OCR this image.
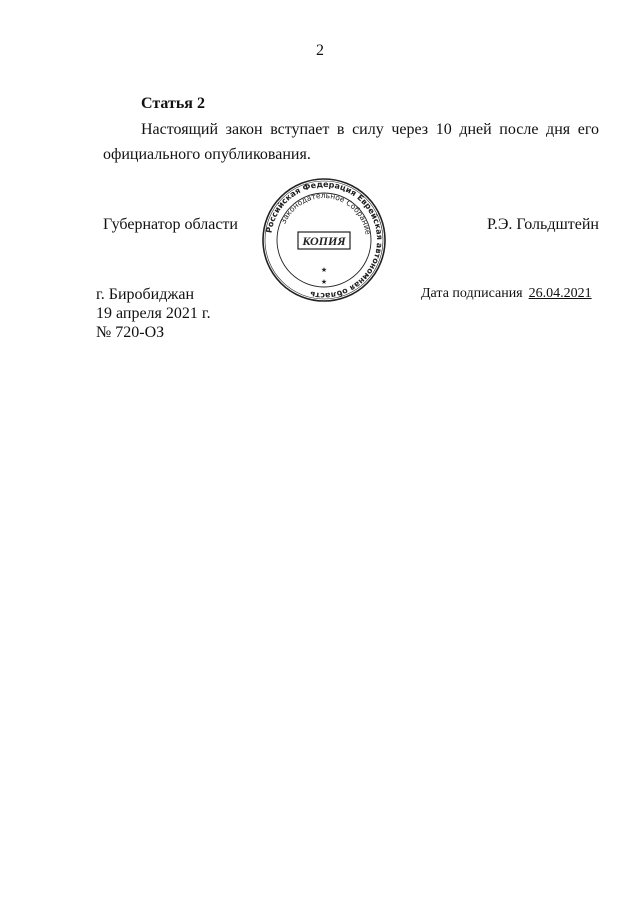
2
Статья 2
Настоящий закон вступает в силу через 10 дней после дня его официального опубликования.
Губернатор области	Р.Э. Гольдштейн
Российская Федерация Еврейская автономная область
Законодательное Собрание
КОПИЯ
★
★
г. Биробиджан
19 апреля 2021 г.
№ 720-ОЗ
Дата подписания 26.04.2021
